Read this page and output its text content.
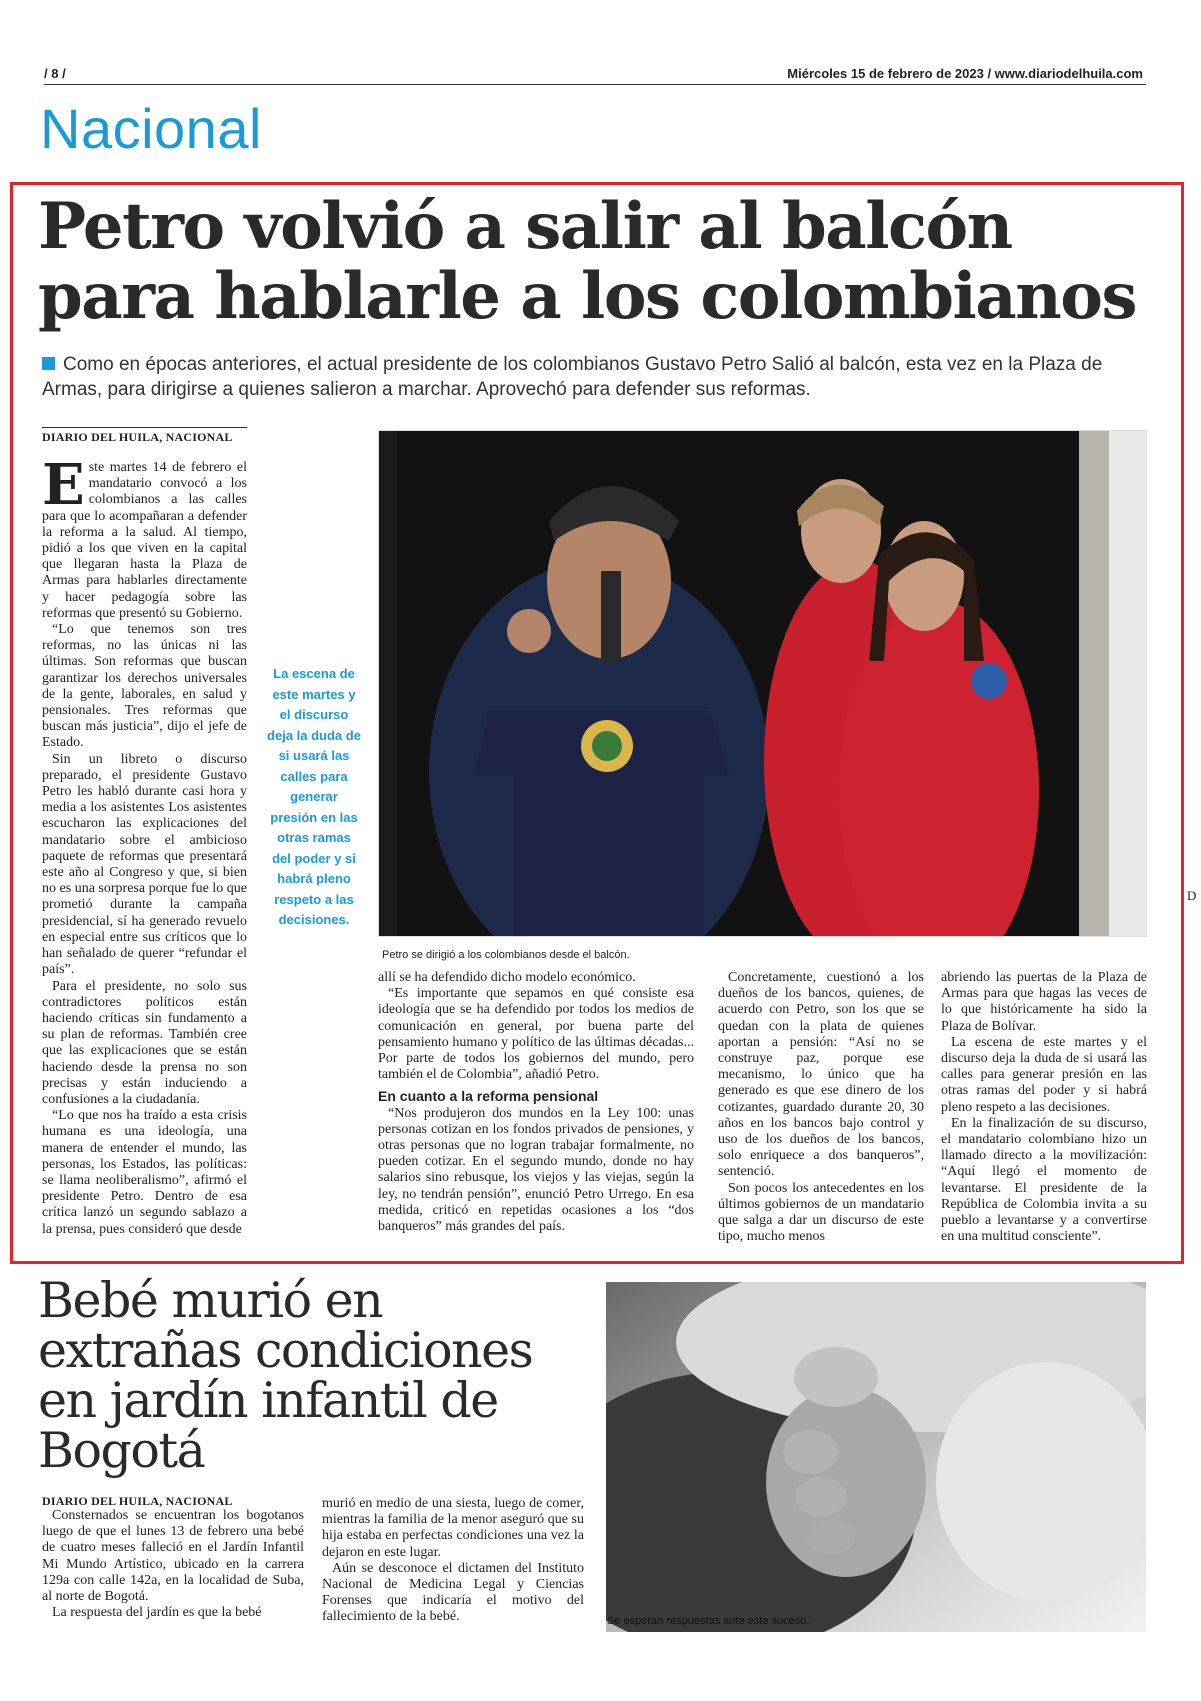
/ 8 /	Miércoles 15 de febrero de 2023 / www.diariodelhuila.com
Nacional
Petro volvió a salir al balcón para hablarle a los colombianos
Como en épocas anteriores, el actual presidente de los colombianos Gustavo Petro Salió al balcón, esta vez en la Plaza de Armas, para dirigirse a quienes salieron a marchar. Aprovechó para defender sus reformas.
DIARIO DEL HUILA, NACIONAL

Este martes 14 de febrero el mandatario convocó a los colombianos a las calles para que lo acompañaran a defender la reforma a la salud. Al tiempo, pidió a los que viven en la capital que llegaran hasta la Plaza de Armas para hablarles directamente y hacer pedagogía sobre las reformas que presentó su Gobierno.

“Lo que tenemos son tres reformas, no las únicas ni las últimas. Son reformas que buscan garantizar los derechos universales de la gente, laborales, en salud y pensionales. Tres reformas que buscan más justicia”, dijo el jefe de Estado.

Sin un libreto o discurso preparado, el presidente Gustavo Petro les habló durante casi hora y media a los asistentes Los asistentes escucharon las explicaciones del mandatario sobre el ambicioso paquete de reformas que presentará este año al Congreso y que, si bien no es una sorpresa porque fue lo que prometió durante la campaña presidencial, sí ha generado revuelo en especial entre sus críticos que lo han señalado de querer “refundar el país”.

Para el presidente, no solo sus contradictores políticos están haciendo críticas sin fundamento a su plan de reformas. También cree que las explicaciones que se están haciendo desde la prensa no son precisas y están induciendo a confusiones a la ciudadanía.

“Lo que nos ha traído a esta crisis humana es una ideología, una manera de entender el mundo, las personas, los Estados, las políticas: se llama neoliberalismo”, afirmó el presidente Petro. Dentro de esa crítica lanzó un segundo sablazo a la prensa, pues consideró que desde

La escena de este martes y el discurso deja la duda de si usará las calles para generar presión en las otras ramas del poder y si habrá pleno respeto a las decisiones.
Petro se dirigió a los colombianos desde el balcón.

allí se ha defendido dicho modelo económico.

“Es importante que sepamos en qué consiste esa ideología que se ha defendido por todos los medios de comunicación en general, por buena parte del pensamiento humano y político de las últimas décadas... Por parte de todos los gobiernos del mundo, pero también el de Colombia”, añadió Petro.

En cuanto a la reforma pensional

“Nos produjeron dos mundos en la Ley 100: unas personas cotizan en los fondos privados de pensiones, y otras personas que no logran trabajar formalmente, no pueden cotizar. En el segundo mundo, donde no hay salarios sino rebusque, los viejos y las viejas, según la ley, no tendrán pensión”, enunció Petro Urrego. En esa medida, criticó en repetidas ocasiones a los “dos banqueros” más grandes del país.

Concretamente, cuestionó a los dueños de los bancos, quienes, de acuerdo con Petro, son los que se quedan con la plata de quienes aportan a pensión: “Así no se construye paz, porque ese mecanismo, lo único que ha generado es que ese dinero de los cotizantes, guardado durante 20, 30 años en los bancos bajo control y uso de los dueños de los bancos, solo enriquece a dos banqueros”, sentenció.

Son pocos los antecedentes en los últimos gobiernos de un mandatario que salga a dar un discurso de este tipo, mucho menos

abriendo las puertas de la Plaza de Armas para que hagas las veces de lo que históricamente ha sido la Plaza de Bolívar.

La escena de este martes y el discurso deja la duda de si usará las calles para generar presión en las otras ramas del poder y si habrá pleno respeto a las decisiones.

En la finalización de su discurso, el mandatario colombiano hizo un llamado directo a la movilización: “Aquí llegó el momento de levantarse. El presidente de la República de Colombia invita a su pueblo a levantarse y a convertirse en una multitud consciente”.

D
Bebé murió en extrañas condiciones en jardín infantil de Bogotá
DIARIO DEL HUILA, NACIONAL

Consternados se encuentran los bogotanos luego de que el lunes 13 de febrero una bebé de cuatro meses falleció en el Jardín Infantil Mi Mundo Artístico, ubicado en la carrera 129a con calle 142a, en la localidad de Suba, al norte de Bogotá.

La respuesta del jardín es que la bebé

murió en medio de una siesta, luego de comer, mientras la familia de la menor aseguró que su hija estaba en perfectas condiciones una vez la dejaron en este lugar.

Aún se desconoce el dictamen del Instituto Nacional de Medicina Legal y Ciencias Forenses que indicaría el motivo del fallecimiento de la bebé.	Se esperan respuestas ante este suceso.
